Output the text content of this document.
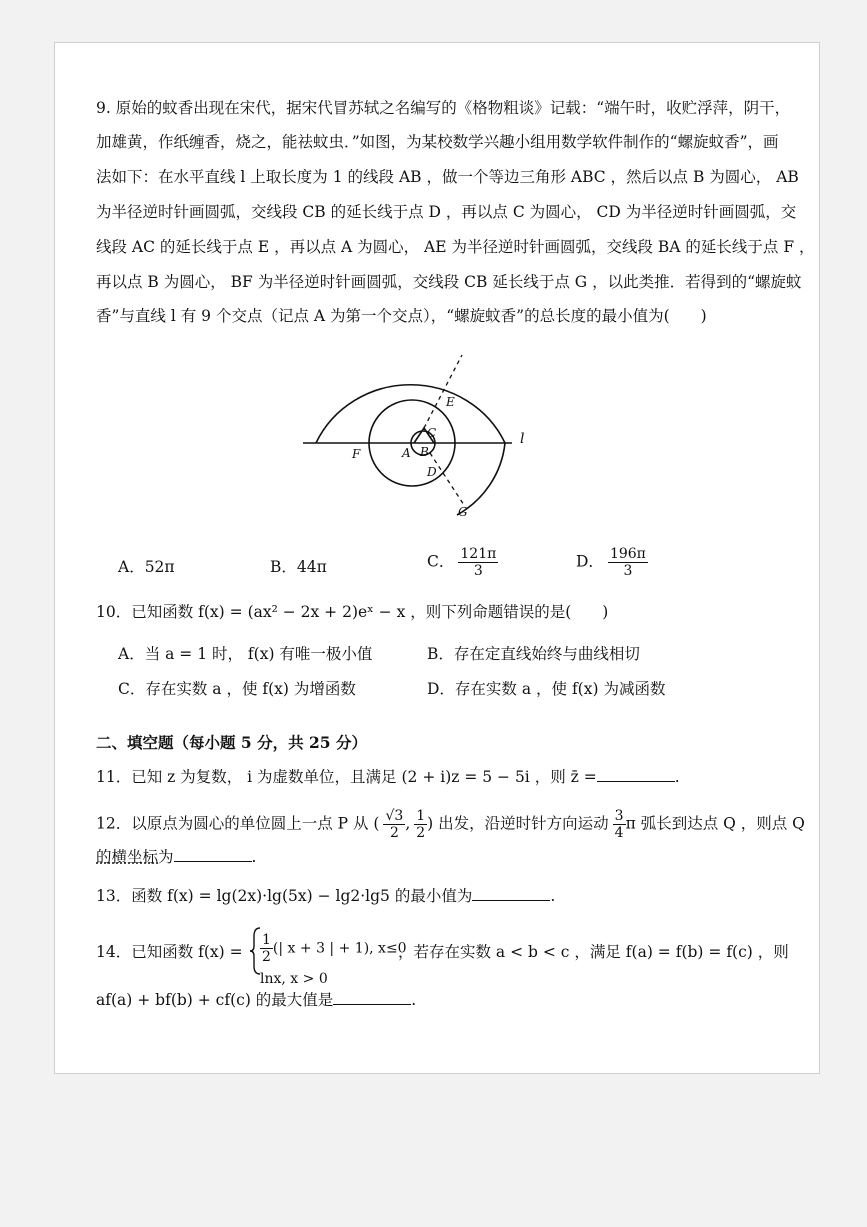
9. 原始的蚊香出现在宋代，据宋代冒苏轼之名编写的《格物粗谈》记载：“端午时，收贮浮萍，阴干，
加雄黄，作纸缠香，烧之，能祛蚊虫．”如图，为某校数学兴趣小组用数学软件制作的“螺旋蚊香”，画
法如下：在水平直线 l 上取长度为 1 的线段 AB ，做一个等边三角形 ABC ，然后以点 B 为圆心， AB
为半径逆时针画圆弧，交线段 CB 的延长线于点 D ，再以点 C 为圆心， CD 为半径逆时针画圆弧，交
线段 AC 的延长线于点 E ，再以点 A 为圆心， AE 为半径逆时针画圆弧，交线段 BA 的延长线于点 F ，
再以点 B 为圆心， BF 为半径逆时针画圆弧，交线段 CB 延长线于点 G ，以此类推．若得到的“螺旋蚊
香”与直线 l 有 9 个交点（记点 A 为第一个交点），“螺旋蚊香”的总长度的最小值为(　　)
E
C
A B
D
F
G
l
A．52π	B．44π	C． $\frac{121\pi}{3}$	D． $\frac{196\pi}{3}$
10．已知函数 f(x) = (ax² − 2x + 2)eˣ − x ，则下列命题错误的是(　　)
A．当 a = 1 时， f(x) 有唯一极小值	B．存在定直线始终与曲线相切
C．存在实数 a ，使 f(x) 为增函数	D．存在实数 a ，使 f(x) 为减函数
二、填空题（每小题 5 分，共 25 分）
11．已知 z 为复数， i 为虚数单位，且满足 (2 + i)z = 5 − 5i ，则 z̄ =	.
12．以原点为圆心的单位圆上一点 P 从 ( $\frac{√3}{2}$ , $\frac{1}{2}$ ) 出发，沿逆时针方向运动 $\frac{3}{4}$ π 弧长到达点 Q ，则点 Q
的横坐标为	.
13．函数 f(x) = lg(2x)·lg(5x) − lg2·lg5 的最小值为	.
14．已知函数 $f(x) = \frac{1}{2}$ (| x + 3 | + 1), x≤0
lnx, x > 0
，若存在实数 a < b < c ，满足 f(a) = f(b) = f(c) ，则
af(a) + bf(b) + cf(c) 的最大值是	.
